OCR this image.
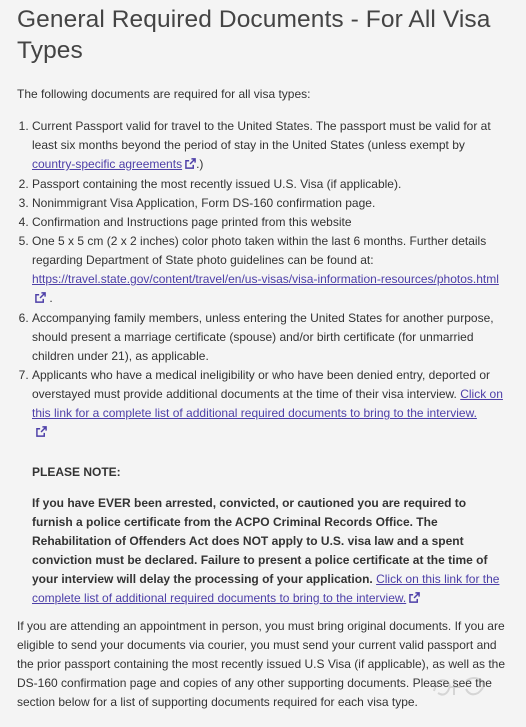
General Required Documents - For All Visa Types

The following documents are required for all visa types:

1. Current Passport valid for travel to the United States. The passport must be valid for at least six months beyond the period of stay in the United States (unless exempt by country-specific agreements .)
2. Passport containing the most recently issued U.S. Visa (if applicable).
3. Nonimmigrant Visa Application, Form DS-160 confirmation page.
4. Confirmation and Instructions page printed from this website
5. One 5 x 5 cm (2 x 2 inches) color photo taken within the last 6 months. Further details regarding Department of State photo guidelines can be found at: https://travel.state.gov/content/travel/en/us-visas/visa-information-resources/photos.html .
6. Accompanying family members, unless entering the United States for another purpose, should present a marriage certificate (spouse) and/or birth certificate (for unmarried children under 21), as applicable.
7. Applicants who have a medical ineligibility or who have been denied entry, deported or overstayed must provide additional documents at the time of their visa interview. Click on this link for a complete list of additional required documents to bring to the interview.

PLEASE NOTE:

If you have EVER been arrested, convicted, or cautioned you are required to furnish a police certificate from the ACPO Criminal Records Office. The Rehabilitation of Offenders Act does NOT apply to U.S. visa law and a spent conviction must be declared. Failure to present a police certificate at the time of your interview will delay the processing of your application. Click on this link for the complete list of additional required documents to bring to the interview.

If you are attending an appointment in person, you must bring original documents. If you are eligible to send your documents via courier, you must send your current valid passport and the prior passport containing the most recently issued U.S Visa (if applicable), as well as the DS-160 confirmation page and copies of any other supporting documents. Please see the section below for a list of supporting documents required for each visa type.
